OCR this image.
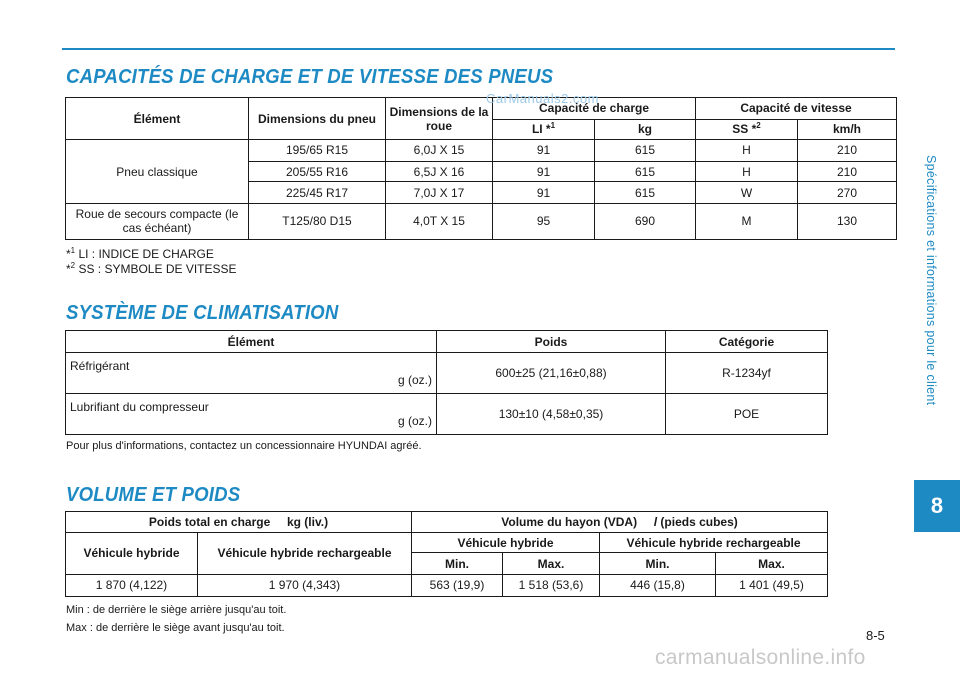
Spécifications et informations pour le client
8
CAPACITÉS DE CHARGE ET DE VITESSE DES PNEUS
Élément	Dimensions du pneu	Dimensions de la roue	Capacité de charge		Capacité de vitesse	
			LI *$^1$	kg	SS *$^2$	km/h
Pneu classique	195/65 R15	6,0J X 15	91	615	H	210
	205/55 R16	6,5J X 16	91	615	H	210
	225/45 R17	7,0J X 17	91	615	W	270
Roue de secours compacte (le cas échéant)	T125/80 D15	4,0T X 15	95	690	M	130
CarManuals2.com
*$^1$ LI : INDICE DE CHARGE
*$^2$ SS : SYMBOLE DE VITESSE
SYSTÈME DE CLIMATISATION
Élément	Poids	Catégorie

Réfrigérant
g (oz.)	600±25 (21,16±0,88)	R-1234yf

Lubrifiant du compresseur
g (oz.)	130±10 (4,58±0,35)	POE
Pour plus d'informations, contactez un concessionnaire HYUNDAI agréé.
VOLUME ET POIDS
Poids total en charge     kg (liv.)		Volume du hayon (VDA)     l (pieds cubes)			
Véhicule hybride	Véhicule hybride rechargeable	Véhicule hybride		Véhicule hybride rechargeable	
		Min.	Max.	Min.	Max.
1 870 (4,122)	1 970 (4,343)	563 (19,9)	1 518 (53,6)	446 (15,8)	1 401 (49,5)
Min : de derrière le siège arrière jusqu'au toit.
Max : de derrière le siège avant jusqu'au toit.	8-5
carmanualsonline.info
